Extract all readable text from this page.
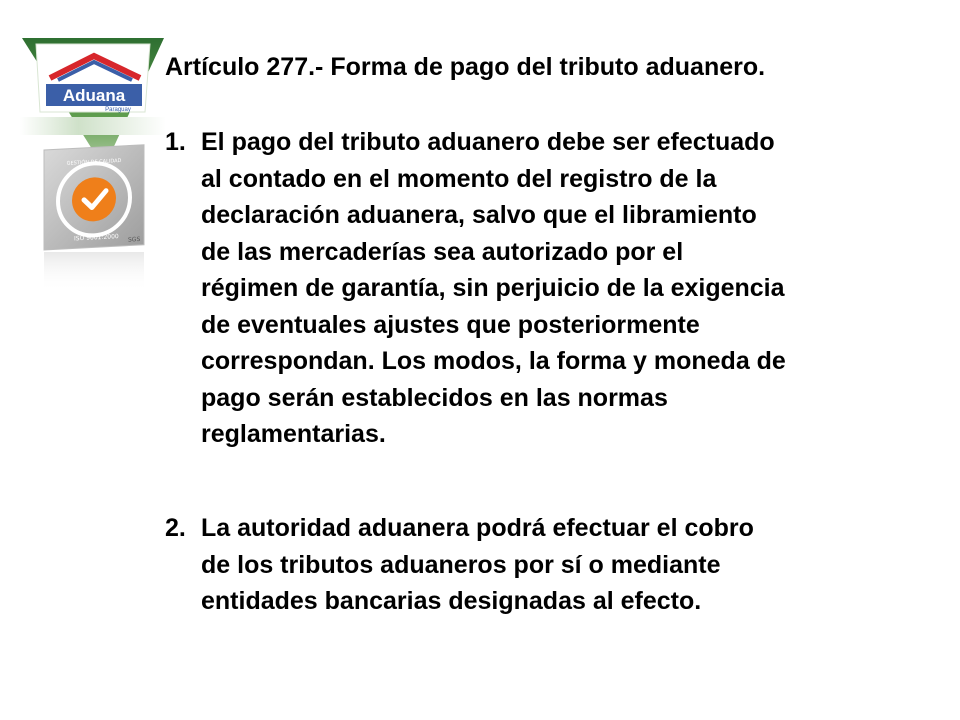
Aduana
Paraguay
GESTIÓN DE CALIDAD
ISO 9001:2000 SGS
Artículo 277.- Forma de pago del tributo aduanero.
1. El pago del tributo aduanero debe ser efectuado
al contado en el momento del registro de la
declaración aduanera, salvo que el libramiento
de las mercaderías sea autorizado por el
régimen de garantía, sin perjuicio de la exigencia
de eventuales ajustes que posteriormente
correspondan. Los modos, la forma y moneda de
pago serán establecidos en las normas
reglamentarias.
2. La autoridad aduanera podrá efectuar el cobro
de los tributos aduaneros por sí o mediante
entidades bancarias designadas al efecto.
